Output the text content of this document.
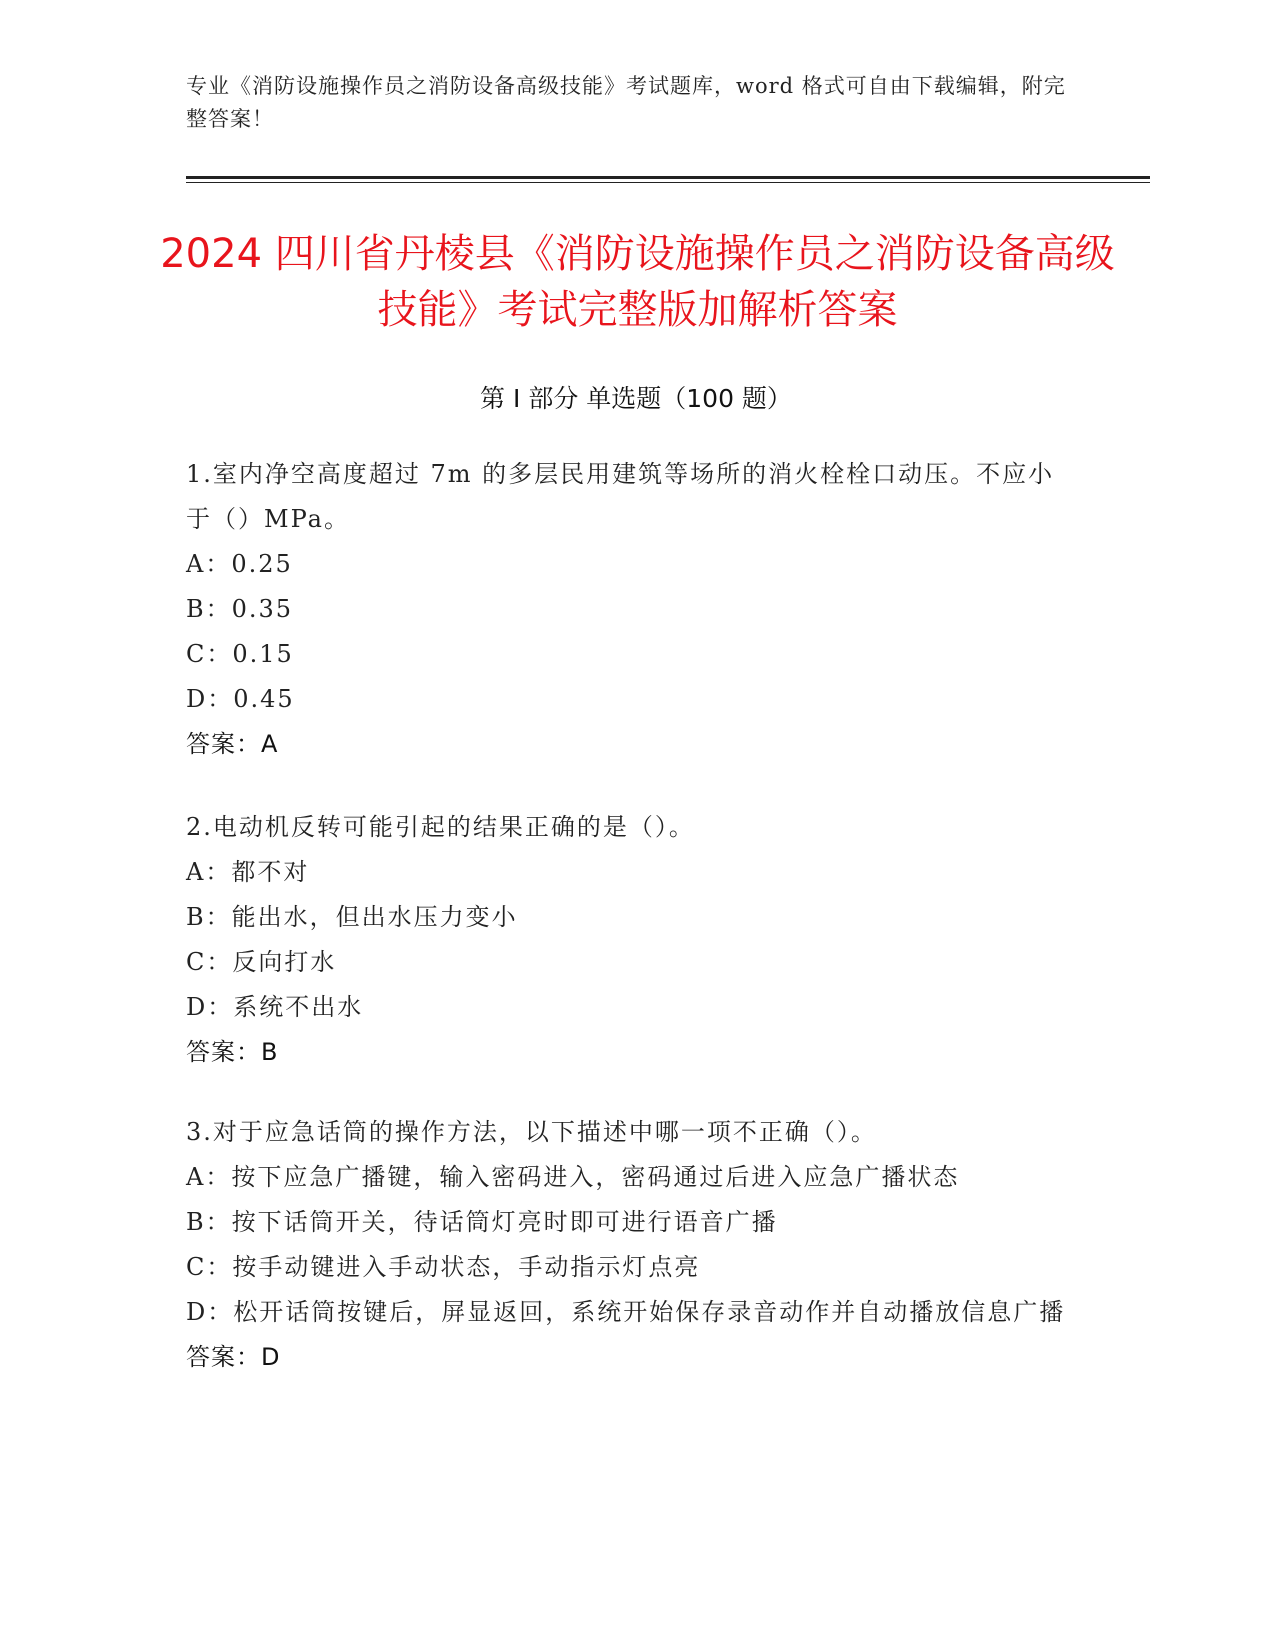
专业《消防设施操作员之消防设备高级技能》考试题库，word 格式可自由下载编辑，附完整答案！
2024 四川省丹棱县《消防设施操作员之消防设备高级技能》考试完整版加解析答案
第 I 部分 单选题（100 题）
1.室内净空高度超过 7m 的多层民用建筑等场所的消火栓栓口动压。不应小于（）MPa。
A：0.25
B：0.35
C：0.15
D：0.45
答案：A
2.电动机反转可能引起的结果正确的是（）。
A：都不对
B：能出水，但出水压力变小
C：反向打水
D：系统不出水
答案：B
3.对于应急话筒的操作方法，以下描述中哪一项不正确（）。
A：按下应急广播键，输入密码进入，密码通过后进入应急广播状态
B：按下话筒开关，待话筒灯亮时即可进行语音广播
C：按手动键进入手动状态，手动指示灯点亮
D：松开话筒按键后，屏显返回，系统开始保存录音动作并自动播放信息广播
答案：D
